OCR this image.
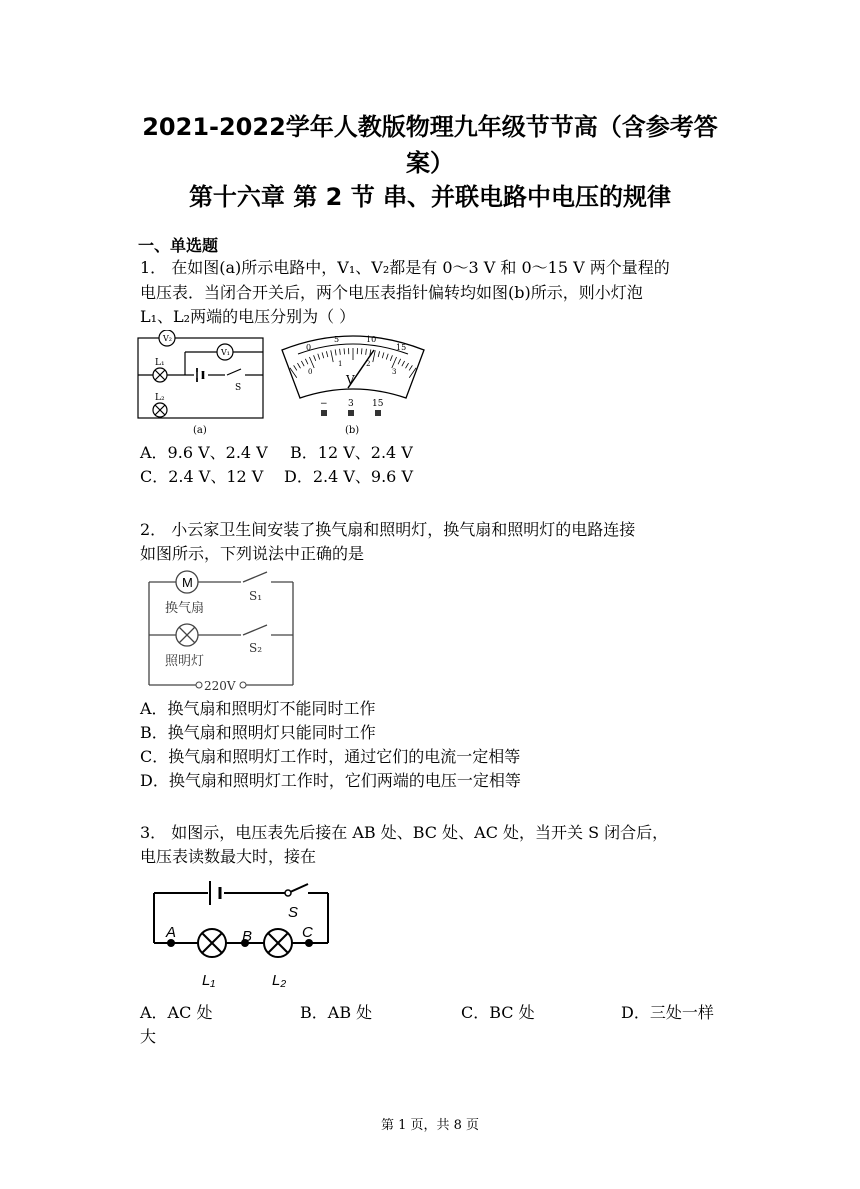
2021-2022学年人教版物理九年级节节高（含参考答
案）
第十六章 第 2 节 串、并联电路中电压的规律
一、单选题
1． 在如图(a)所示电路中，V₁、V₂都是有 0～3 V 和 0～15 V 两个量程的
电压表．当闭合开关后，两个电压表指针偏转均如图(b)所示，则小灯泡
L₁、L₂两端的电压分别为（ ）
V₂
V₁
L₁
L₂
S
(a)
0
5	10
15
0
1	2
3
V
− 3 15
(b)
A．9.6 V、2.4 V B．12 V、2.4 V
C．2.4 V、12 V D．2.4 V、9.6 V
2． 小云家卫生间安装了换气扇和照明灯，换气扇和照明灯的电路连接
如图所示，下列说法中正确的是
M
换气扇
照明灯
S₁
S₂
220V
A．换气扇和照明灯不能同时工作
B．换气扇和照明灯只能同时工作
C．换气扇和照明灯工作时，通过它们的电流一定相等
D．换气扇和照明灯工作时，它们两端的电压一定相等
3． 如图示，电压表先后接在 AB 处、BC 处、AC 处，当开关 S 闭合后，
电压表读数最大时，接在
S
A	B	C
L₁	L₂
A．AC 处	B．AB 处	C．BC 处	D．三处一样
大
第 1 页，共 8 页
